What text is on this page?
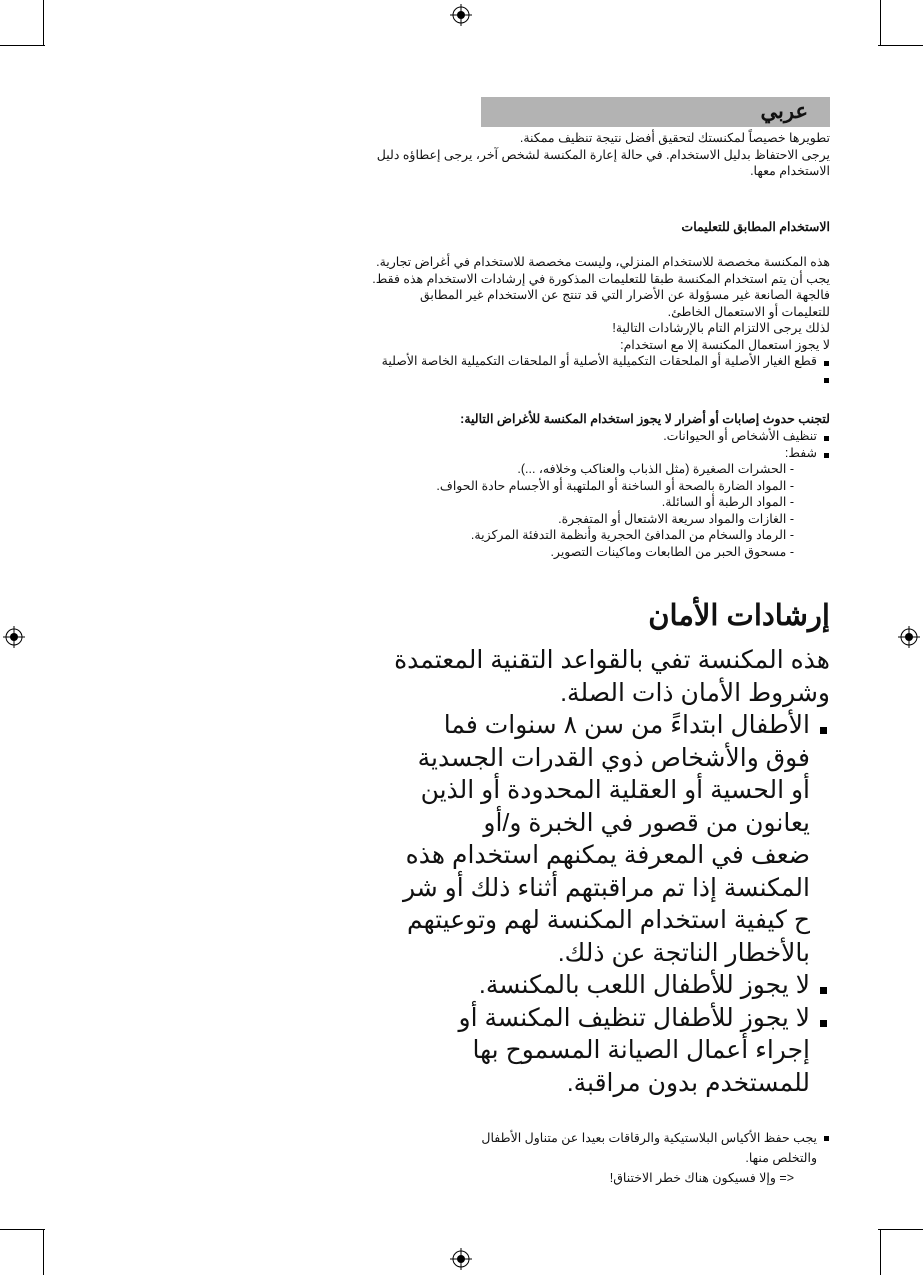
عربي
تطويرها خصيصاً لمكنستك لتحقيق أفضل نتيجة تنظيف ممكنة.
يرجى الاحتفاظ بدليل الاستخدام. في حالة إعارة المكنسة لشخص آخر، يرجى إعطاؤه دليل
الاستخدام معها.
الاستخدام المطابق للتعليمات
هذه المكنسة مخصصة للاستخدام المنزلي، وليست مخصصة للاستخدام في أغراض تجارية.
يجب أن يتم استخدام المكنسة طبقا للتعليمات المذكورة في إرشادات الاستخدام هذه فقط.
فالجهة الصانعة غير مسؤولة عن الأضرار التي قد تنتج عن الاستخدام غير المطابق
للتعليمات أو الاستعمال الخاطئ.
لذلك يرجى الالتزام التام بالإرشادات التالية!
لا يجوز استعمال المكنسة إلا مع استخدام:
قطع الغيار الأصلية أو الملحقات التكميلية الأصلية أو الملحقات التكميلية الخاصة الأصلية

لتجنب حدوث إصابات أو أضرار لا يجوز استخدام المكنسة للأغراض التالية:
تنظيف الأشخاص أو الحيوانات.
شفط:
- الحشرات الصغيرة (مثل الذباب والعناكب وخلافه، ...).
- المواد الضارة بالصحة أو الساخنة أو الملتهبة أو الأجسام حادة الحواف.
- المواد الرطبة أو السائلة.
- الغازات والمواد سريعة الاشتعال أو المتفجرة.
- الرماد والسخام من المدافئ الحجرية وأنظمة التدفئة المركزية.
- مسحوق الحبر من الطابعات وماكينات التصوير.
إرشادات الأمان
هذه المكنسة تفي بالقواعد التقنية المعتمدة
وشروط الأمان ذات الصلة.
الأطفال ابتداءً من سن ٨ سنوات فما
فوق والأشخاص ذوي القدرات الجسدية
أو الحسية أو العقلية المحدودة أو الذين
يعانون من قصور في الخبرة و/أو
ضعف في المعرفة يمكنهم استخدام هذه
المكنسة إذا تم مراقبتهم أثناء ذلك أو شر
ح كيفية استخدام المكنسة لهم وتوعيتهم
بالأخطار الناتجة عن ذلك.
لا يجوز للأطفال اللعب بالمكنسة.
لا يجوز للأطفال تنظيف المكنسة أو
إجراء أعمال الصيانة المسموح بها
للمستخدم بدون مراقبة.
يجب حفظ الأكياس البلاستيكية والرقاقات بعيدا عن متناول الأطفال
والتخلص منها.
<= وإلا فسيكون هناك خطر الاختناق!
